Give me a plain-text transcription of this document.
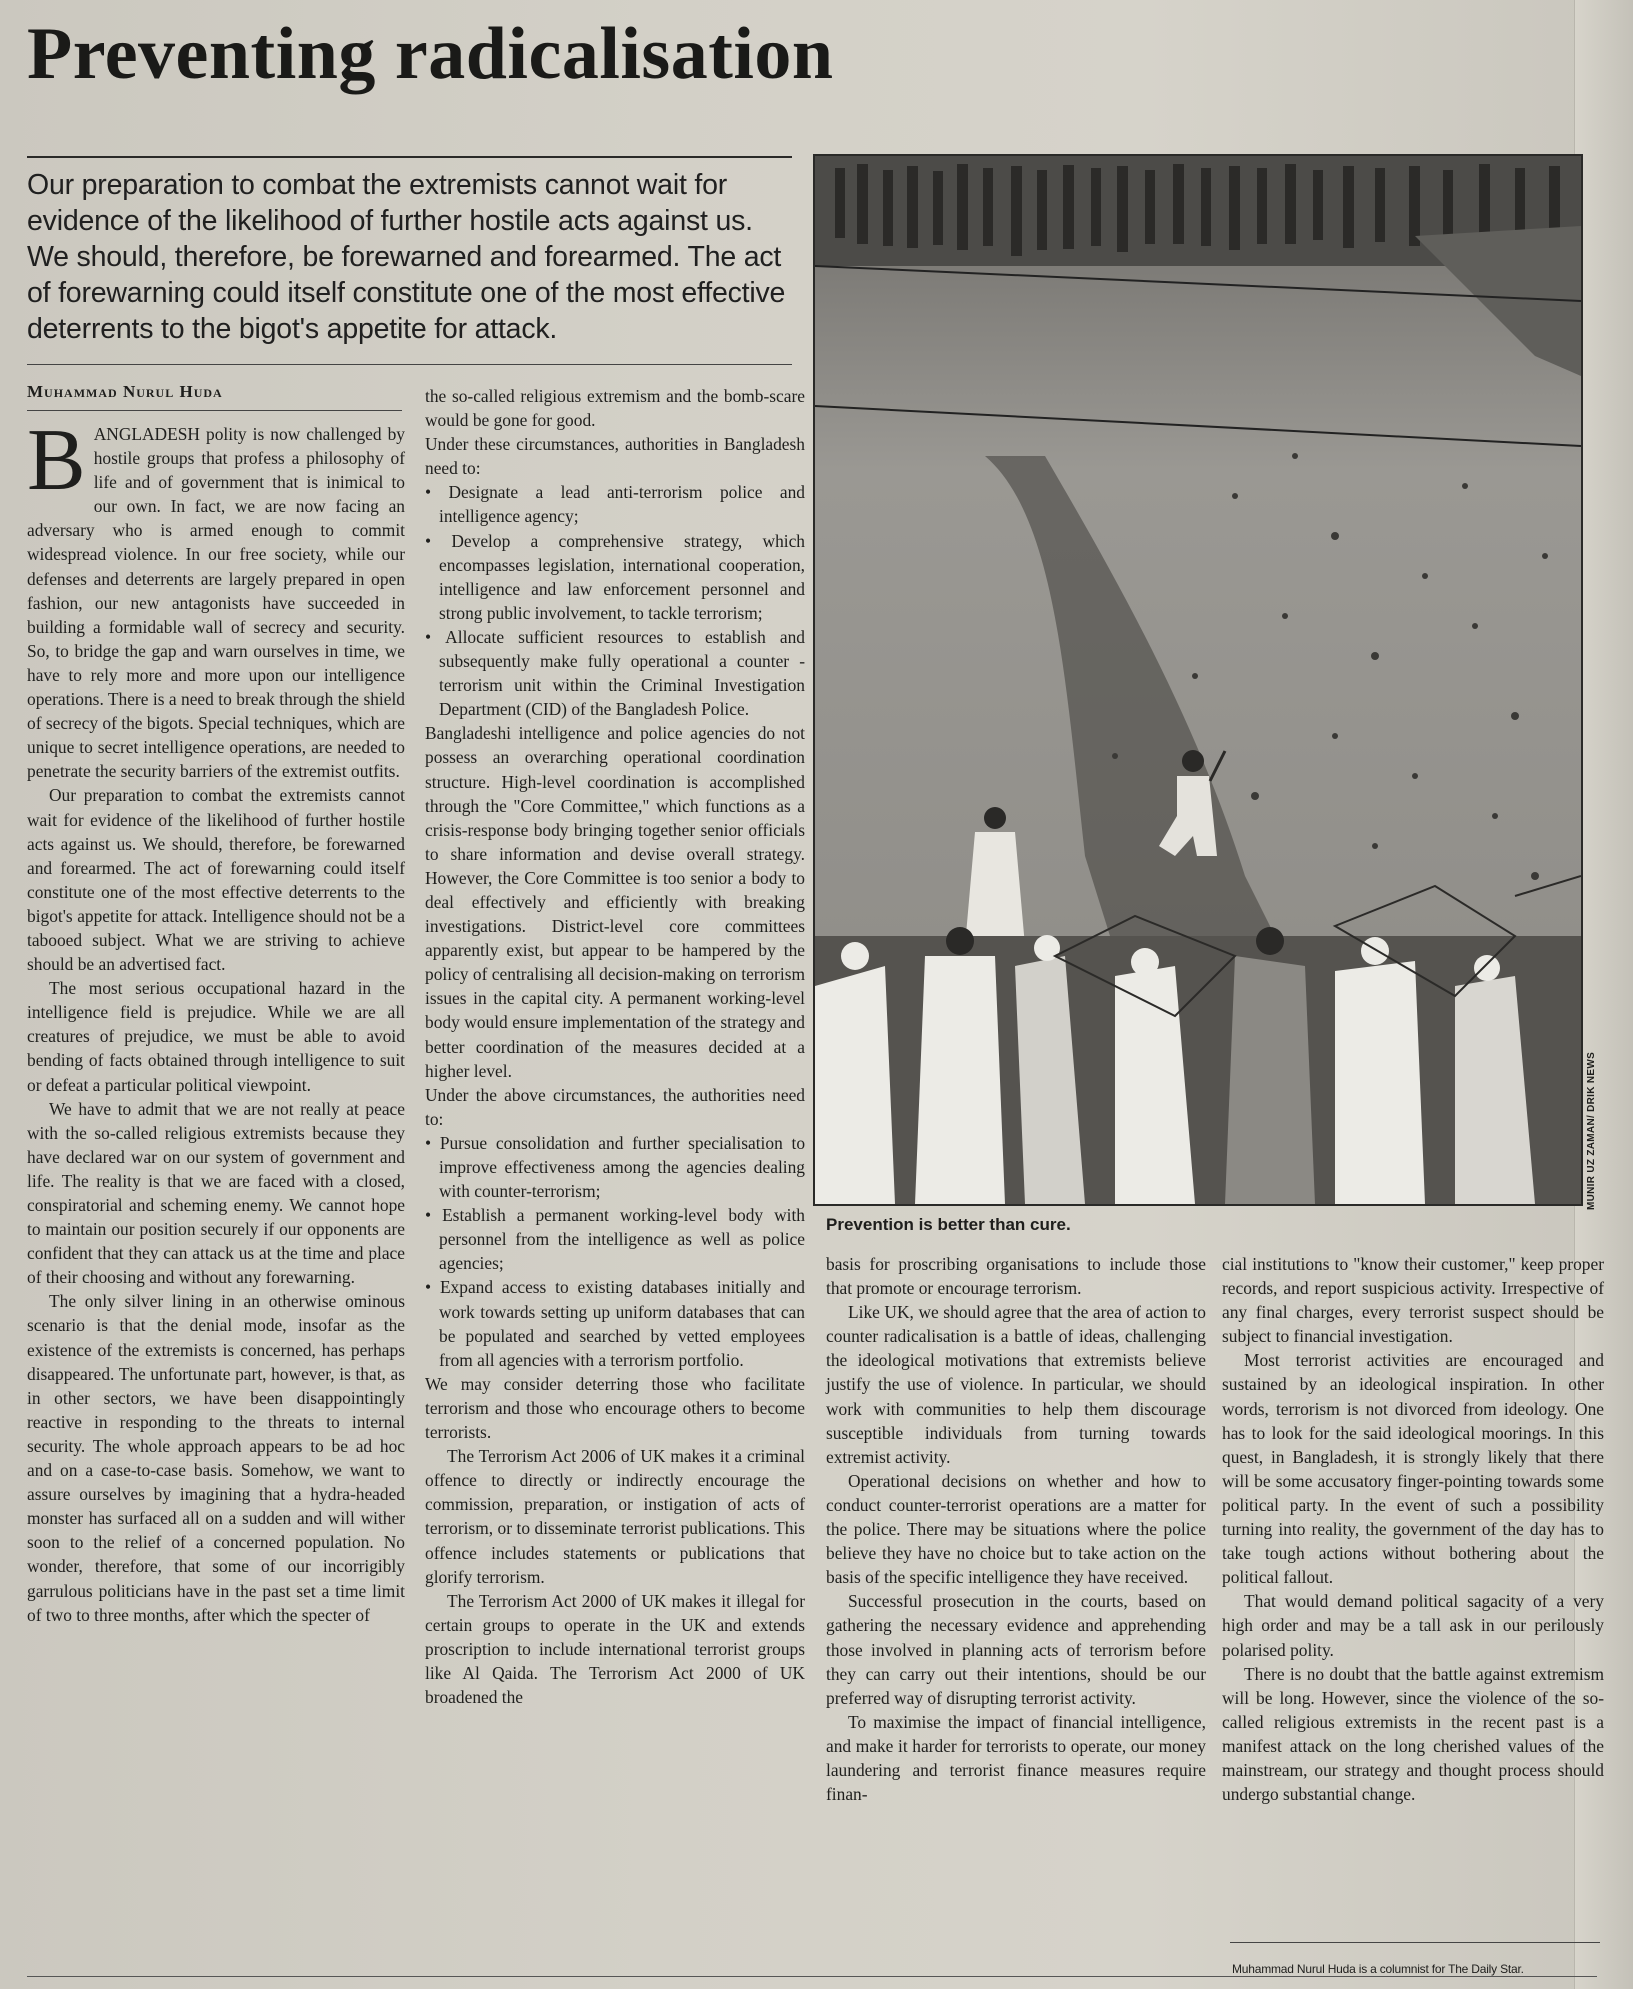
Preventing radicalisation

Our preparation to combat the extremists cannot wait for evidence of the likelihood of further hostile acts against us. We should, therefore, be forewarned and forearmed. The act of forewarning could itself constitute one of the most effective deterrents to the bigot's appetite for attack.

Muhammad Nurul Huda

BANGLADESH polity is now challenged by hostile groups that profess a philosophy of life and of government that is inimical to our own. In fact, we are now facing an adversary who is armed enough to commit widespread violence. In our free society, while our defenses and deterrents are largely prepared in open fashion, our new antagonists have succeeded in building a formidable wall of secrecy and security. So, to bridge the gap and warn ourselves in time, we have to rely more and more upon our intelligence operations. There is a need to break through the shield of secrecy of the bigots. Special techniques, which are unique to secret intelligence operations, are needed to penetrate the security barriers of the extremist outfits.

Our preparation to combat the extremists cannot wait for evidence of the likelihood of further hostile acts against us. We should, therefore, be forewarned and forearmed. The act of forewarning could itself constitute one of the most effective deterrents to the bigot's appetite for attack. Intelligence should not be a tabooed subject. What we are striving to achieve should be an advertised fact.

The most serious occupational hazard in the intelligence field is prejudice. While we are all creatures of prejudice, we must be able to avoid bending of facts obtained through intelligence to suit or defeat a particular political viewpoint.

We have to admit that we are not really at peace with the so-called religious extremists because they have declared war on our system of government and life. The reality is that we are faced with a closed, conspiratorial and scheming enemy. We cannot hope to maintain our position securely if our opponents are confident that they can attack us at the time and place of their choosing and without any forewarning.

The only silver lining in an otherwise ominous scenario is that the denial mode, insofar as the existence of the extremists is concerned, has perhaps disappeared. The unfortunate part, however, is that, as in other sectors, we have been disappointingly reactive in responding to the threats to internal security. The whole approach appears to be ad hoc and on a case-to-case basis. Somehow, we want to assure ourselves by imagining that a hydra-headed monster has surfaced all on a sudden and will wither soon to the relief of a concerned population. No wonder, therefore, that some of our incorrigibly garrulous politicians have in the past set a time limit of two to three months, after which the specter of

the so-called religious extremism and the bomb-scare would be gone for good.

Under these circumstances, authorities in Bangladesh need to:

• Designate a lead anti-terrorism police and intelligence agency;

• Develop a comprehensive strategy, which encompasses legislation, international cooperation, intelligence and law enforcement personnel and strong public involvement, to tackle terrorism;

• Allocate sufficient resources to establish and subsequently make fully operational a counter - terrorism unit within the Criminal Investigation Department (CID) of the Bangladesh Police.

Bangladeshi intelligence and police agencies do not possess an overarching operational coordination structure. High-level coordination is accomplished through the "Core Committee," which functions as a crisis-response body bringing together senior officials to share information and devise overall strategy. However, the Core Committee is too senior a body to deal effectively and efficiently with breaking investigations. District-level core committees apparently exist, but appear to be hampered by the policy of centralising all decision-making on terrorism issues in the capital city. A permanent working-level body would ensure implementation of the strategy and better coordination of the measures decided at a higher level.

Under the above circumstances, the authorities need to:

• Pursue consolidation and further specialisation to improve effectiveness among the agencies dealing with counter-terrorism;

• Establish a permanent working-level body with personnel from the intelligence as well as police agencies;

• Expand access to existing databases initially and work towards setting up uniform databases that can be populated and searched by vetted employees from all agencies with a terrorism portfolio.

We may consider deterring those who facilitate terrorism and those who encourage others to become terrorists.

The Terrorism Act 2006 of UK makes it a criminal offence to directly or indirectly encourage the commission, preparation, or instigation of acts of terrorism, or to disseminate terrorist publications. This offence includes statements or publications that glorify terrorism.

The Terrorism Act 2000 of UK makes it illegal for certain groups to operate in the UK and extends proscription to include international terrorist groups like Al Qaida. The Terrorism Act 2000 of UK broadened the

MUNIR UZ ZAMAN/ DRIK NEWS

Prevention is better than cure.

basis for proscribing organisations to include those that promote or encourage terrorism.

Like UK, we should agree that the area of action to counter radicalisation is a battle of ideas, challenging the ideological motivations that extremists believe justify the use of violence. In particular, we should work with communities to help them discourage susceptible individuals from turning towards extremist activity.

Operational decisions on whether and how to conduct counter-terrorist operations are a matter for the police. There may be situations where the police believe they have no choice but to take action on the basis of the specific intelligence they have received.

Successful prosecution in the courts, based on gathering the necessary evidence and apprehending those involved in planning acts of terrorism before they can carry out their intentions, should be our preferred way of disrupting terrorist activity.

To maximise the impact of financial intelligence, and make it harder for terrorists to operate, our money laundering and terrorist finance measures require finan-

cial institutions to "know their customer," keep proper records, and report suspicious activity. Irrespective of any final charges, every terrorist suspect should be subject to financial investigation.

Most terrorist activities are encouraged and sustained by an ideological inspiration. In other words, terrorism is not divorced from ideology. One has to look for the said ideological moorings. In this quest, in Bangladesh, it is strongly likely that there will be some accusatory finger-pointing towards some political party. In the event of such a possibility turning into reality, the government of the day has to take tough actions without bothering about the political fallout.

That would demand political sagacity of a very high order and may be a tall ask in our perilously polarised polity.

There is no doubt that the battle against extremism will be long. However, since the violence of the so-called religious extremists in the recent past is a manifest attack on the long cherished values of the mainstream, our strategy and thought process should undergo substantial change.

Muhammad Nurul Huda is a columnist for The Daily Star.
